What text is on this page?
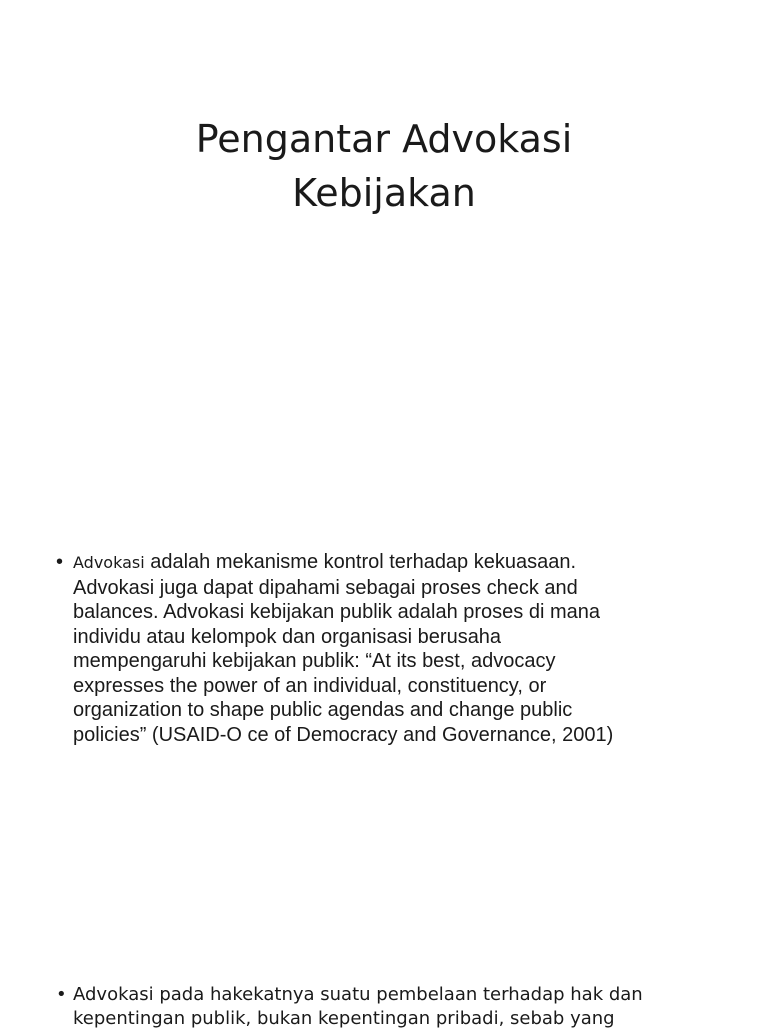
Pengantar Advokasi
Kebijakan
• Advokasi adalah mekanisme kontrol terhadap kekuasaan.
Advokasi juga dapat dipahami sebagai proses check and
balances. Advokasi kebijakan publik adalah proses di mana
individu atau kelompok dan organisasi berusaha
mempengaruhi kebijakan publik: “At its best, advocacy
expresses the power of an individual, constituency, or
organization to shape public agendas and change public
policies” (USAID-O ce of Democracy and Governance, 2001)
• Advokasi pada hakekatnya suatu pembelaan terhadap hak dan
kepentingan publik, bukan kepentingan pribadi, sebab yang
